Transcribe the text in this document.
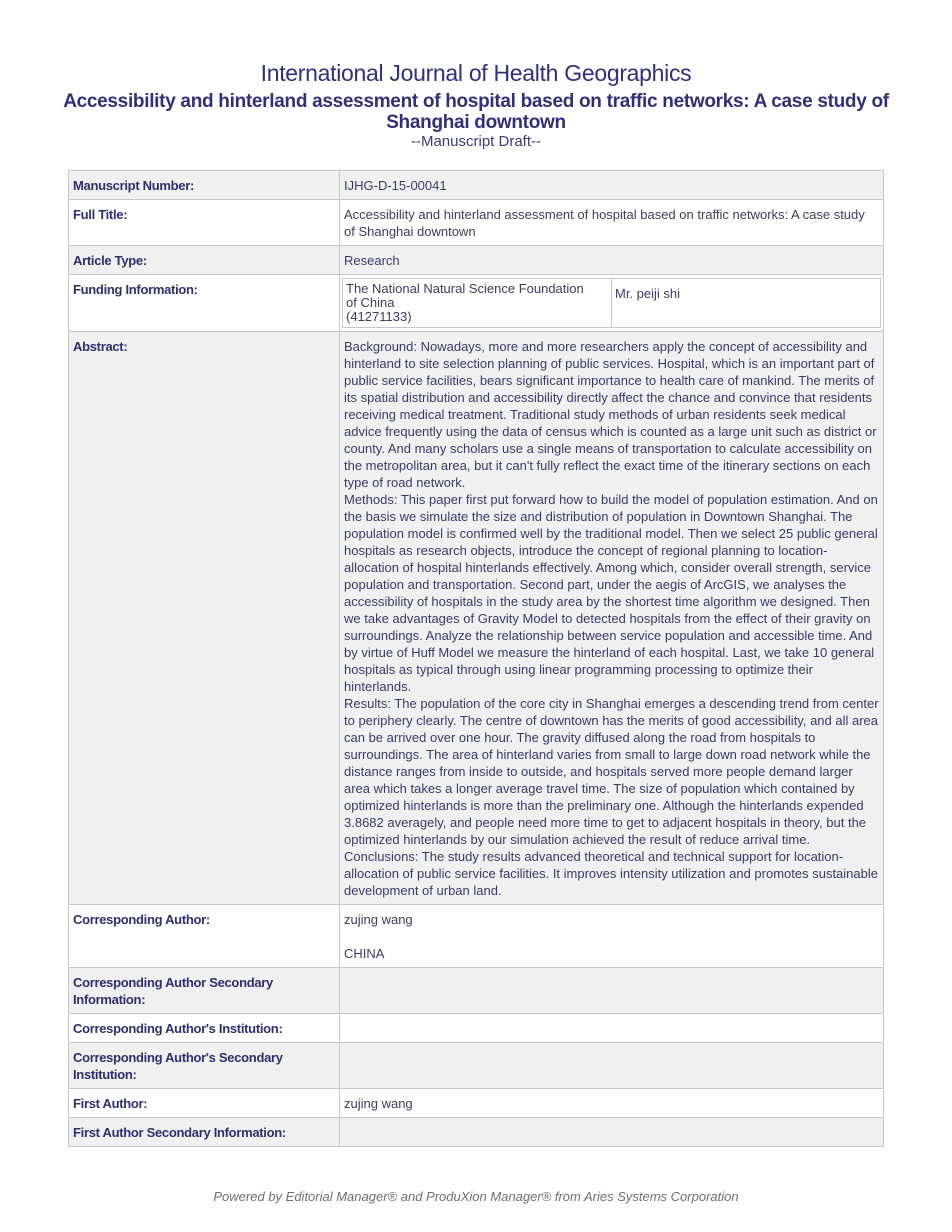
International Journal of Health Geographics
Accessibility and hinterland assessment of hospital based on traffic networks: A case study of Shanghai downtown
--Manuscript Draft--
Manuscript Number:	IJHG-D-15-00041
Full Title:	Accessibility and hinterland assessment of hospital based on traffic networks: A case study of Shanghai downtown
Article Type:	Research
Funding Information:		The National Natural Science Foundation
of China
(41271133)
	Mr. peiji shi

Abstract:	Background: Nowadays, more and more researchers apply the concept of accessibility and hinterland to site selection planning of public services. Hospital, which is an important part of public service facilities, bears significant importance to health care of mankind. The merits of its spatial distribution and accessibility directly affect the chance and convince that residents receiving medical treatment. Traditional study methods of urban residents seek medical advice frequently using the data of census which is counted as a large unit such as district or county. And many scholars use a single means of transportation to calculate accessibility on the metropolitan area, but it can't fully reflect the exact time of the itinerary sections on each type of road network.
Methods: This paper first put forward how to build the model of population estimation. And on the basis we simulate the size and distribution of population in Downtown Shanghai. The population model is confirmed well by the traditional model. Then we select 25 public general hospitals as research objects, introduce the concept of regional planning to location-allocation of hospital hinterlands effectively. Among which, consider overall strength, service population and transportation. Second part, under the aegis of ArcGIS, we analyses the accessibility of hospitals in the study area by the shortest time algorithm we designed. Then we take advantages of Gravity Model to detected hospitals from the effect of their gravity on surroundings. Analyze the relationship between service population and accessible time. And by virtue of Huff Model we measure the hinterland of each hospital. Last, we take 10 general hospitals as typical through using linear programming processing to optimize their hinterlands.
Results: The population of the core city in Shanghai emerges a descending trend from center to periphery clearly. The centre of downtown has the merits of good accessibility, and all area can be arrived over one hour. The gravity diffused along the road from hospitals to surroundings. The area of hinterland varies from small to large down road network while the distance ranges from inside to outside, and hospitals served more people demand larger area which takes a longer average travel time. The size of population which contained by optimized hinterlands is more than the preliminary one. Although the hinterlands expended 3.8682 averagely, and people need more time to get to adjacent hospitals in theory, but the optimized hinterlands by our simulation achieved the result of reduce arrival time.
Conclusions: The study results advanced theoretical and technical support for location-allocation of public service facilities. It improves intensity utilization and promotes sustainable development of urban land.

Corresponding Author:	zujing wang
CHINA

Corresponding Author Secondary Information:	
Corresponding Author's Institution:	
Corresponding Author's Secondary Institution:	
First Author:	zujing wang
First Author Secondary Information:	
Powered by Editorial Manager® and ProduXion Manager® from Aries Systems Corporation
